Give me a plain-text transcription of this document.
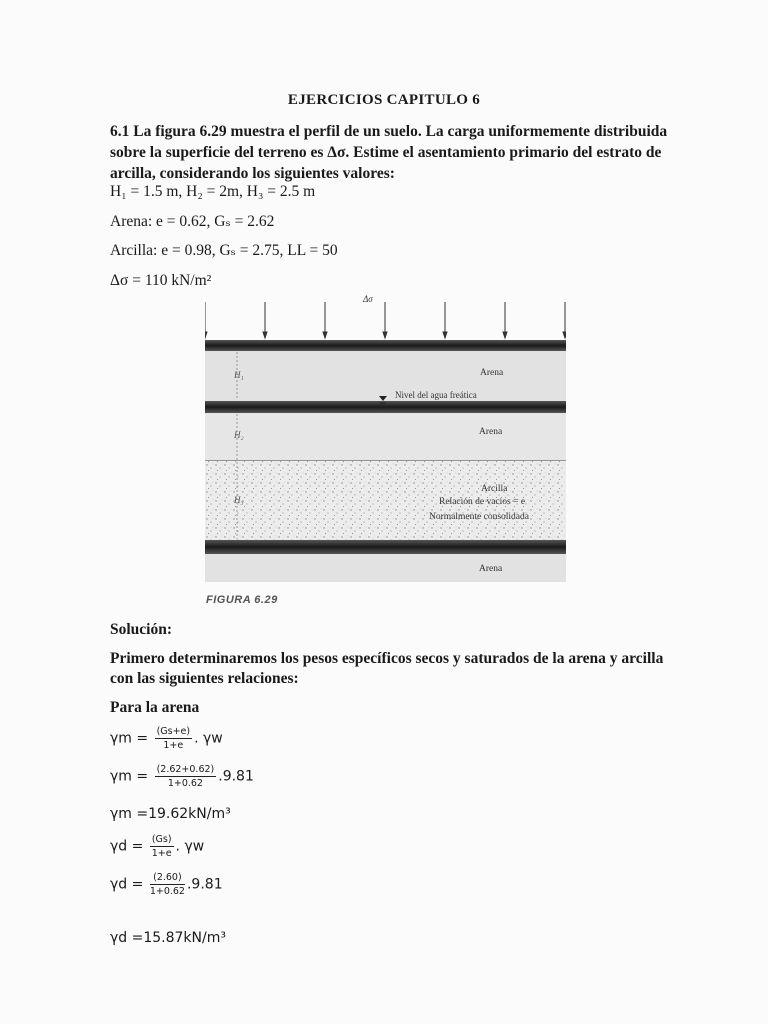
EJERCICIOS CAPITULO 6
6.1 La figura 6.29 muestra el perfil de un suelo. La carga uniformemente distribuida
sobre la superficie del terreno es Δσ. Estime el asentamiento primario del estrato de
arcilla, considerando los siguientes valores:
H₁ = 1.5 m, H₂ = 2m, H₃ = 2.5 m
Arena: e = 0.62, Gₛ = 2.62
Arcilla: e = 0.98, Gₛ = 2.75, LL = 50
Δσ = 110 kN/m²
Δσ
H₁
H₂
H₃
Arena
Nivel del agua freática
Arena
Arcilla
Relación de vacíos = e
Normalmente consolidada
Arena
FIGURA 6.29
Solución:
Primero determinaremos los pesos específicos secos y saturados de la arena y arcilla
con las siguientes relaciones:
Para la arena
$\gamma m = \frac{(Gs+e)}{1+e}$ . γw
$\gamma m = \frac{(2.62+0.62)}{1+0.62} .9.81$
γm =19.62kN/m³
$\gamma d = \frac{(Gs)}{1+e}$ . γw
$\gamma d = \frac{(2.60)}{1+0.62} .9.81$
γd =15.87kN/m³
